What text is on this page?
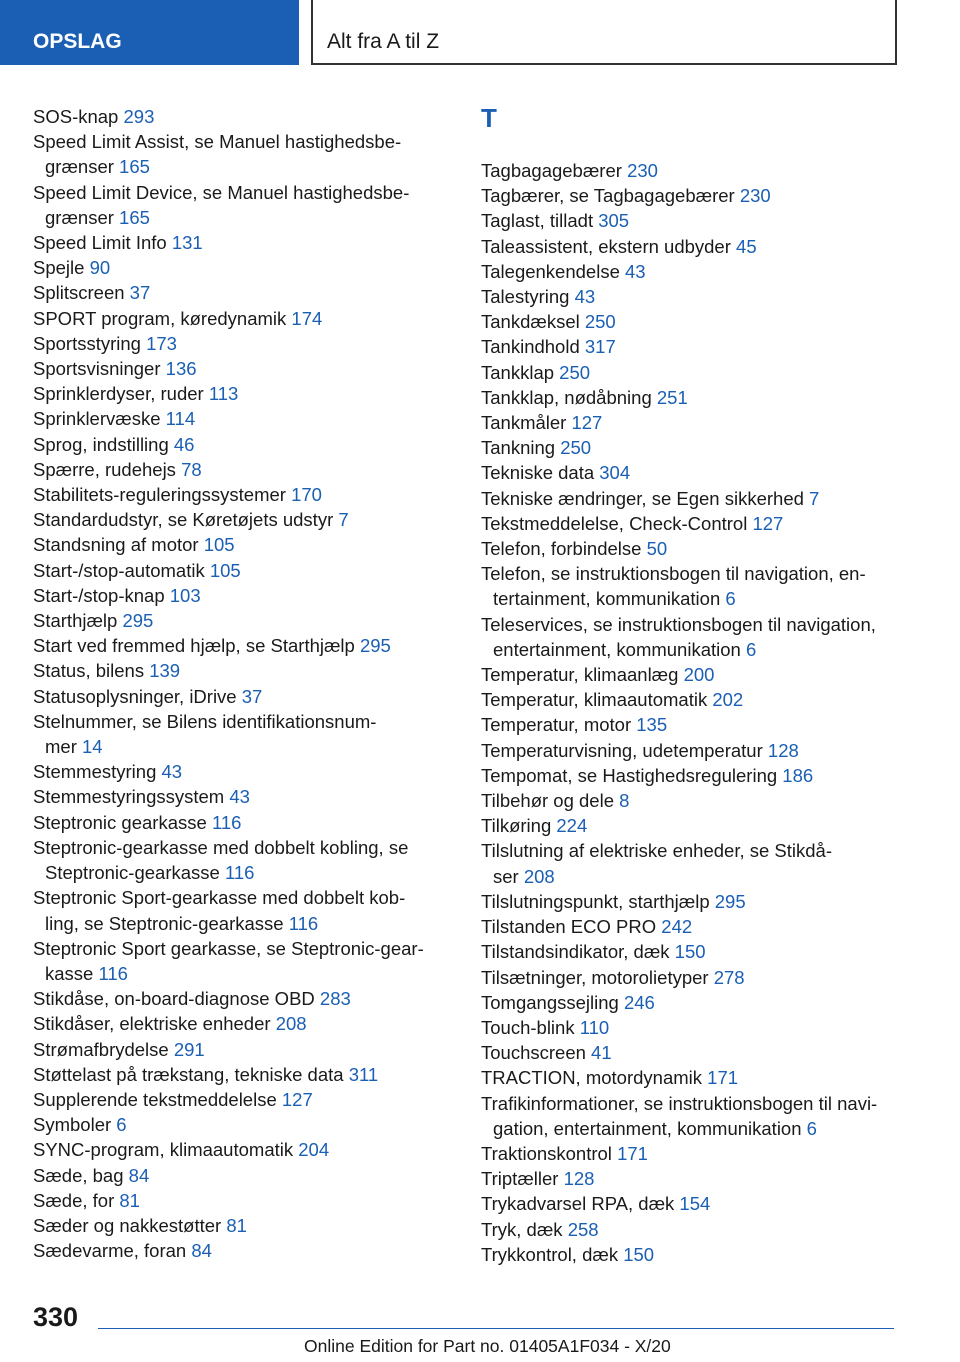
OPSLAG	Alt fra A til Z
SOS-knap 293
Speed Limit Assist, se Manuel hastighedsbe-
grænser 165
Speed Limit Device, se Manuel hastighedsbe-
grænser 165
Speed Limit Info 131
Spejle 90
Splitscreen 37
SPORT program, køredynamik 174
Sportsstyring 173
Sportsvisninger 136
Sprinklerdyser, ruder 113
Sprinklervæske 114
Sprog, indstilling 46
Spærre, rudehejs 78
Stabilitets-reguleringssystemer 170
Standardudstyr, se Køretøjets udstyr 7
Standsning af motor 105
Start-/stop-automatik 105
Start-/stop-knap 103
Starthjælp 295
Start ved fremmed hjælp, se Starthjælp 295
Status, bilens 139
Statusoplysninger, iDrive 37
Stelnummer, se Bilens identifikationsnum-
mer 14
Stemmestyring 43
Stemmestyringssystem 43
Steptronic gearkasse 116
Steptronic-gearkasse med dobbelt kobling, se
Steptronic-gearkasse 116
Steptronic Sport-gearkasse med dobbelt kob-
ling, se Steptronic-gearkasse 116
Steptronic Sport gearkasse, se Steptronic-gear-
kasse 116
Stikdåse, on-board-diagnose OBD 283
Stikdåser, elektriske enheder 208
Strømafbrydelse 291
Støttelast på trækstang, tekniske data 311
Supplerende tekstmeddelelse 127
Symboler 6
SYNC-program, klimaautomatik 204
Sæde, bag 84
Sæde, for 81
Sæder og nakkestøtter 81
Sædevarme, foran 84
T
Tagbagagebærer 230
Tagbærer, se Tagbagagebærer 230
Taglast, tilladt 305
Taleassistent, ekstern udbyder 45
Talegenkendelse 43
Talestyring 43
Tankdæksel 250
Tankindhold 317
Tankklap 250
Tankklap, nødåbning 251
Tankmåler 127
Tankning 250
Tekniske data 304
Tekniske ændringer, se Egen sikkerhed 7
Tekstmeddelelse, Check-Control 127
Telefon, forbindelse 50
Telefon, se instruktionsbogen til navigation, en-
tertainment, kommunikation 6
Teleservices, se instruktionsbogen til navigation,
entertainment, kommunikation 6
Temperatur, klimaanlæg 200
Temperatur, klimaautomatik 202
Temperatur, motor 135
Temperaturvisning, udetemperatur 128
Tempomat, se Hastighedsregulering 186
Tilbehør og dele 8
Tilkøring 224
Tilslutning af elektriske enheder, se Stikdå-
ser 208
Tilslutningspunkt, starthjælp 295
Tilstanden ECO PRO 242
Tilstandsindikator, dæk 150
Tilsætninger, motorolietyper 278
Tomgangssejling 246
Touch-blink 110
Touchscreen 41
TRACTION, motordynamik 171
Trafikinformationer, se instruktionsbogen til navi-
gation, entertainment, kommunikation 6
Traktionskontrol 171
Triptæller 128
Trykadvarsel RPA, dæk 154
Tryk, dæk 258
Trykkontrol, dæk 150
330
Online Edition for Part no. 01405A1F034 - X/20
